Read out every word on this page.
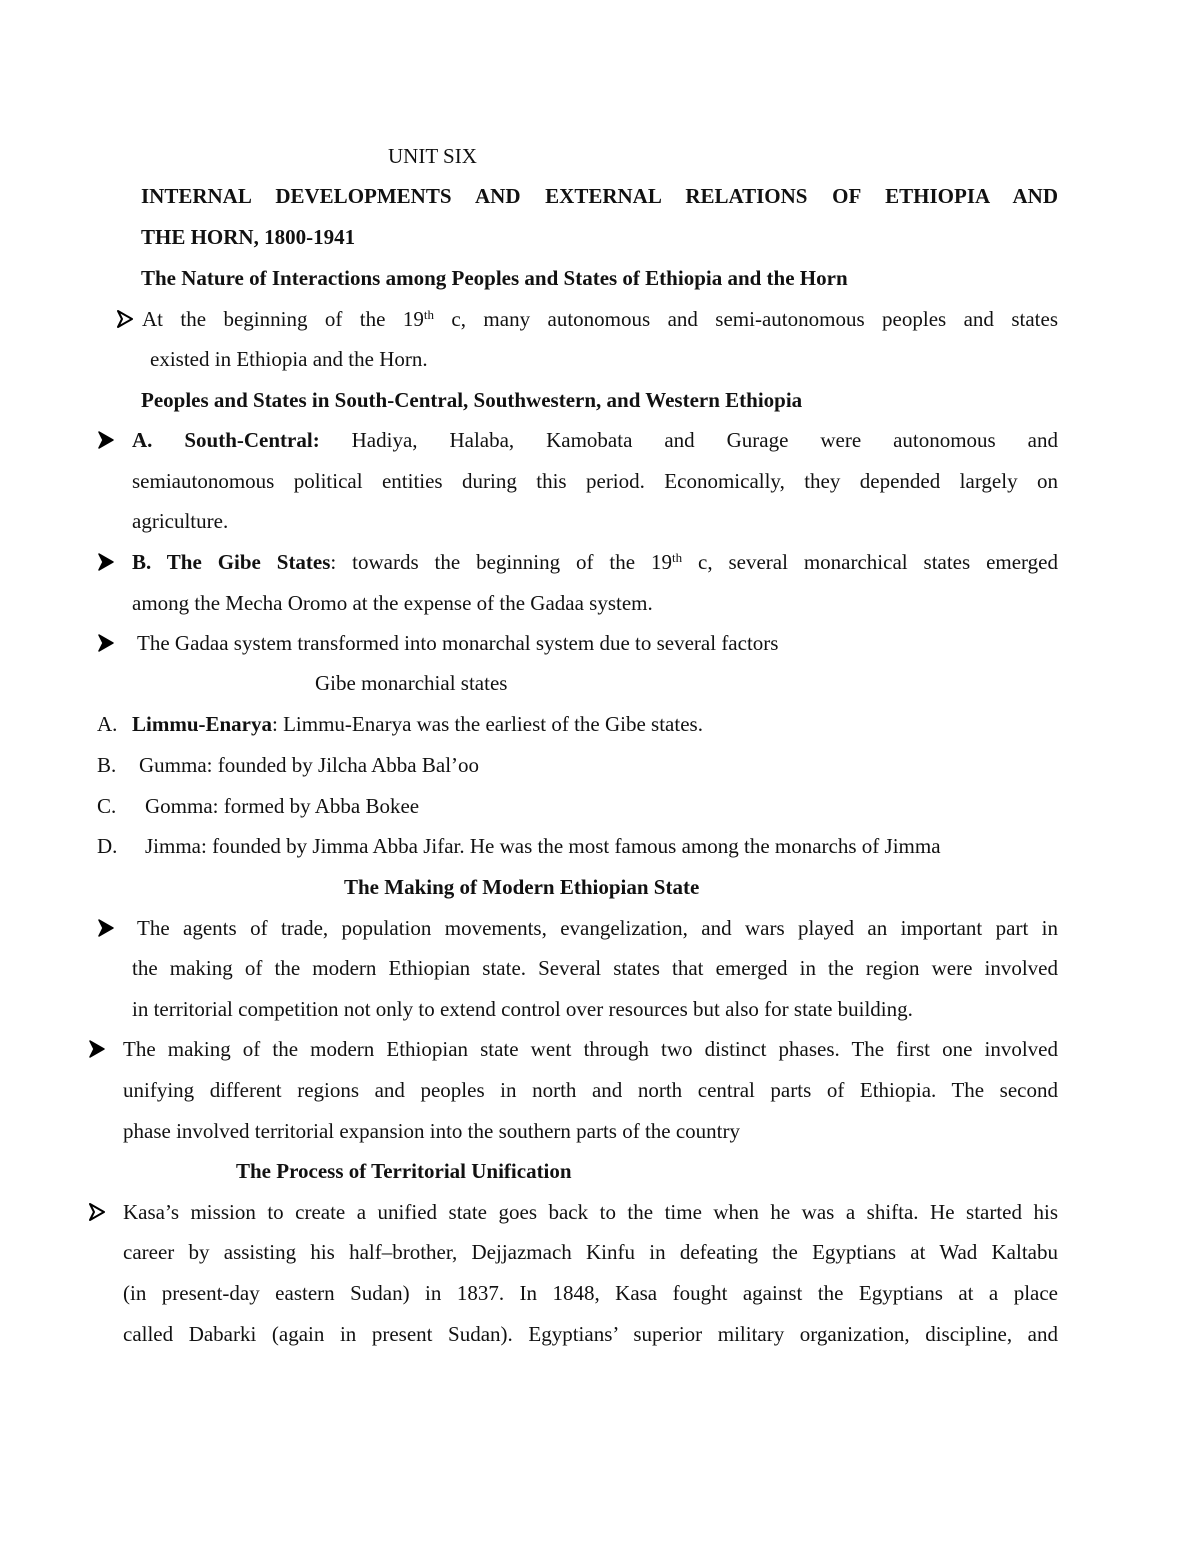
UNIT SIX
INTERNAL DEVELOPMENTS AND EXTERNAL RELATIONS OF ETHIOPIA AND
THE HORN, 1800-1941
The Nature of Interactions among Peoples and States of Ethiopia and the Horn
At the beginning of the 19th c, many autonomous and semi-autonomous peoples and states
existed in Ethiopia and the Horn.
Peoples and States in South-Central, Southwestern, and Western Ethiopia
A. South-Central: Hadiya, Halaba, Kamobata and Gurage were autonomous and
semiautonomous political entities during this period. Economically, they depended largely on
agriculture.
B. The Gibe States: towards the beginning of the 19th c, several monarchical states emerged
among the Mecha Oromo at the expense of the Gadaa system.
The Gadaa system transformed into monarchal system due to several factors
Gibe monarchial states
A. Limmu-Enarya: Limmu-Enarya was the earliest of the Gibe states.
B. Gumma: founded by Jilcha Abba Bal’oo
C. Gomma: formed by Abba Bokee
D. Jimma: founded by Jimma Abba Jifar. He was the most famous among the monarchs of Jimma
The Making of Modern Ethiopian State
The agents of trade, population movements, evangelization, and wars played an important part in
the making of the modern Ethiopian state. Several states that emerged in the region were involved
in territorial competition not only to extend control over resources but also for state building.
The making of the modern Ethiopian state went through two distinct phases. The first one involved
unifying different regions and peoples in north and north central parts of Ethiopia. The second
phase involved territorial expansion into the southern parts of the country
The Process of Territorial Unification
Kasa’s mission to create a unified state goes back to the time when he was a shifta. He started his
career by assisting his half–brother, Dejjazmach Kinfu in defeating the Egyptians at Wad Kaltabu
(in present-day eastern Sudan) in 1837. In 1848, Kasa fought against the Egyptians at a place
called Dabarki (again in present Sudan). Egyptians’ superior military organization, discipline, and
